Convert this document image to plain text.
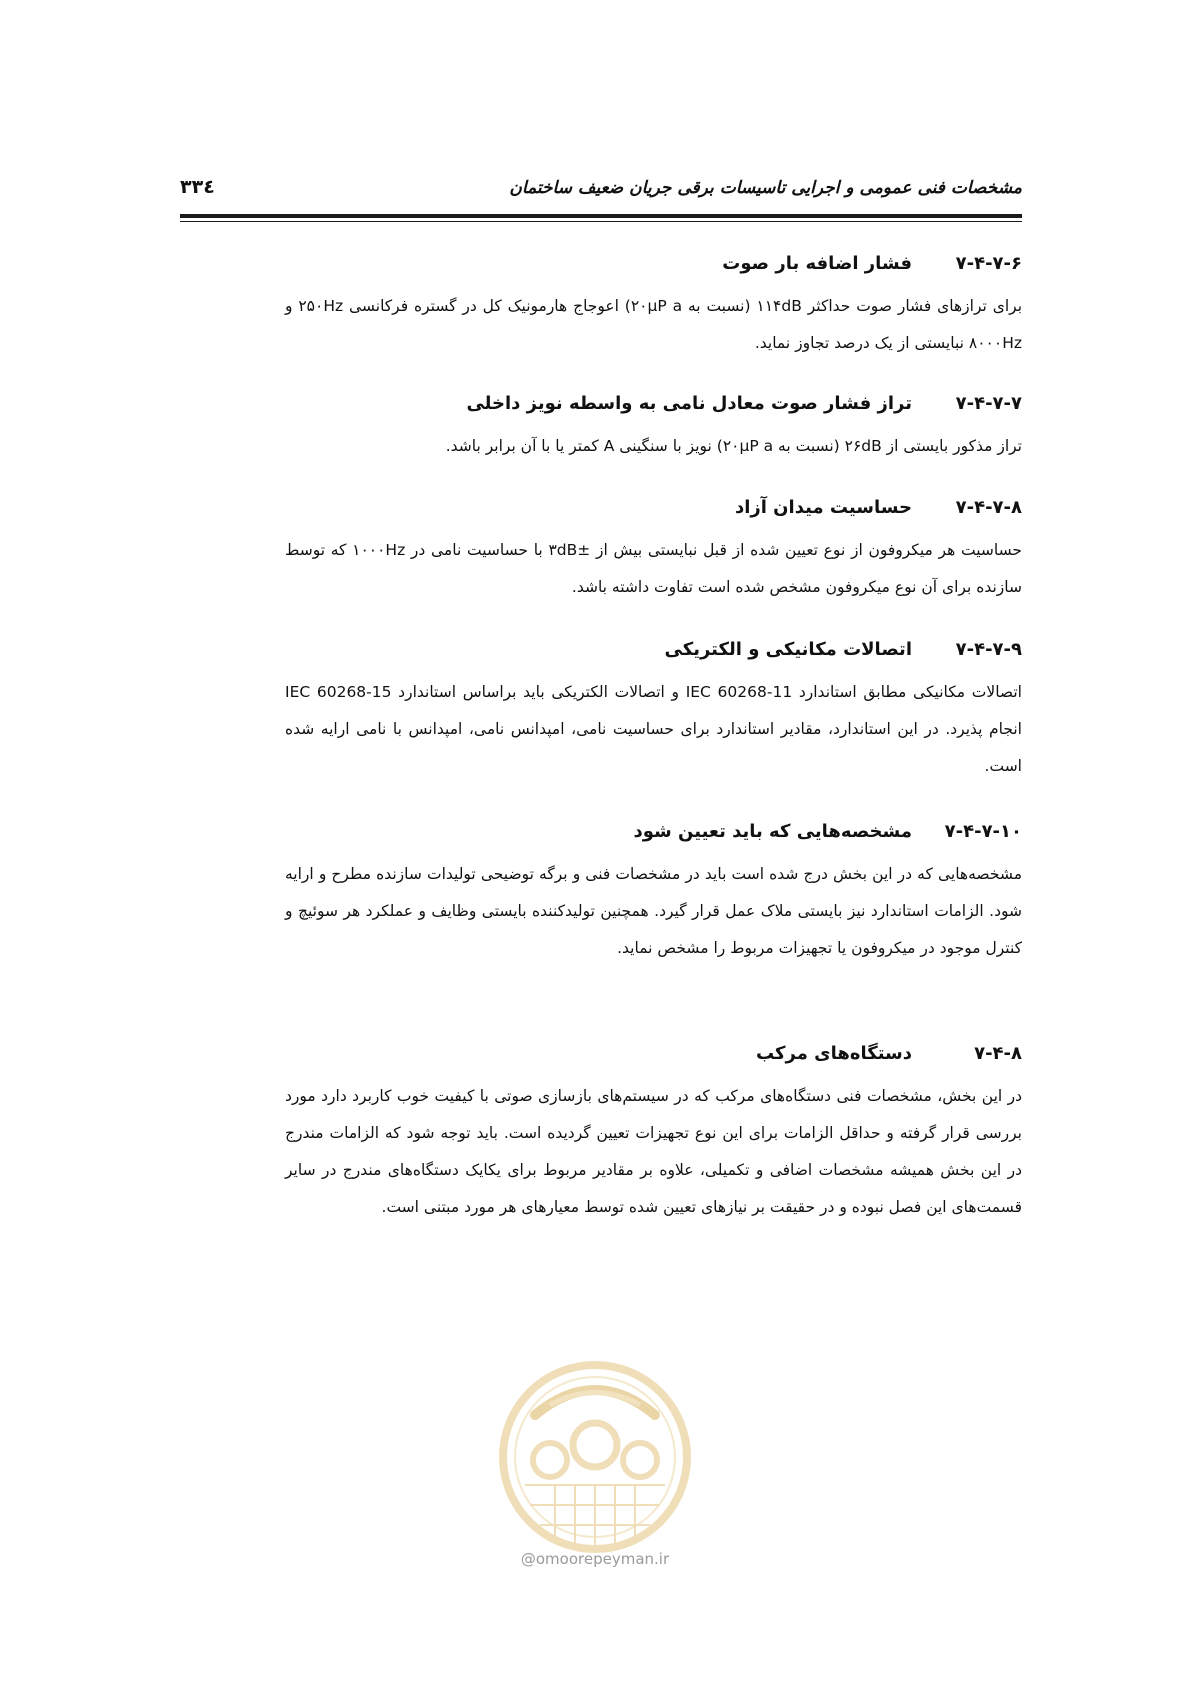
مشخصات فنی عمومی و اجرایی تاسیسات برقی جریان ضعیف ساختمان
۳۳٤
۷-۴-۷-۶
فشار اضافه بار صوت

برای ترازهای فشار صوت حداکثر ۱۱۴dB (نسبت به ۲۰μP a) اعوجاج هارمونیک کل در گستره فرکانسی ۲۵۰Hz و ۸۰۰۰Hz نبایستی از یک درصد تجاوز نماید.

۷-۴-۷-۷
تراز فشار صوت معادل نامی به واسطه نویز داخلی

تراز مذکور بایستی از ۲۶dB (نسبت به ۲۰μP a) نویز با سنگینی A کمتر یا با آن برابر باشد.

۷-۴-۷-۸
حساسیت میدان آزاد

حساسیت هر میکروفون از نوع تعیین شده از قبل نبایستی بیش از ±۳dB با حساسیت نامی در ۱۰۰۰Hz که توسط سازنده برای آن نوع میکروفون مشخص شده است تفاوت داشته باشد.

۷-۴-۷-۹
اتصالات مکانیکی و الکتریکی

اتصالات مکانیکی مطابق استاندارد IEC 60268-11 و اتصالات الکتریکی باید براساس استاندارد IEC 60268-15 انجام پذیرد. در این استاندارد، مقادیر استاندارد برای حساسیت نامی، امپدانس نامی، امپدانس با نامی ارایه شده است.

۷-۴-۷-۱۰
مشخصه‌هایی که باید تعیین شود

مشخصه‌هایی که در این بخش درج شده است باید در مشخصات فنی و برگه توضیحی تولیدات سازنده مطرح و ارایه شود. الزامات استاندارد نیز بایستی ملاک عمل قرار گیرد. همچنین تولیدکننده بایستی وظایف و عملکرد هر سوئیچ و کنترل موجود در میکروفون یا تجهیزات مربوط را مشخص نماید.

۷-۴-۸
دستگاه‌های مرکب

در این بخش، مشخصات فنی دستگاه‌های مرکب که در سیستم‌های بازسازی صوتی با کیفیت خوب کاربرد دارد مورد بررسی قرار گرفته و حداقل الزامات برای این نوع تجهیزات تعیین گردیده است. باید توجه شود که الزامات مندرج در این بخش همیشه مشخصات اضافی و تکمیلی، علاوه بر مقادیر مربوط برای یکایک دستگاه‌های مندرج در سایر قسمت‌های این فصل نبوده و در حقیقت بر نیازهای تعیین شده توسط معیارهای هر مورد مبتنی است.

@omoorepeyman.ir
